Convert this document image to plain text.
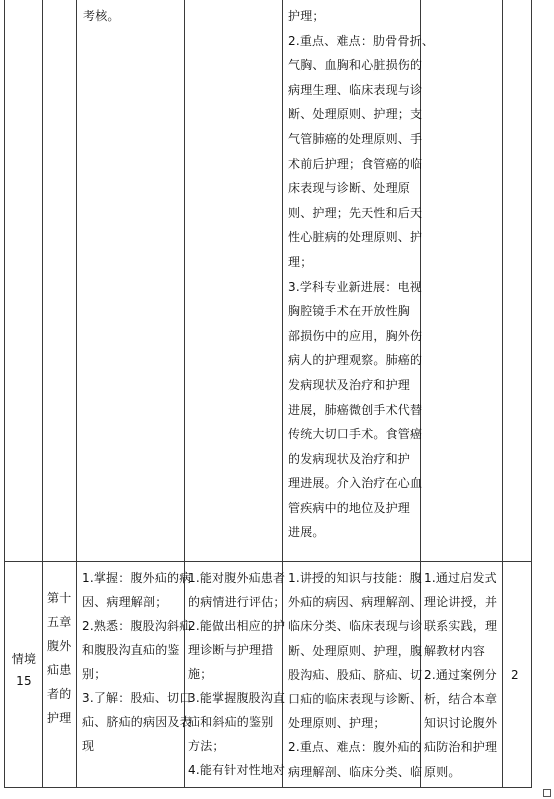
考核。	护理；
2.重点、难点：肋骨骨折、
气胸、血胸和心脏损伤的
病理生理、临床表现与诊
断、处理原则、护理；支
气管肺癌的处理原则、手
术前后护理；食管癌的临
床表现与诊断、处理原
则、护理；先天性和后天
性心脏病的处理原则、护
理；
3.学科专业新进展：电视
胸腔镜手术在开放性胸
部损伤中的应用，胸外伤
病人的护理观察。肺癌的
发病现状及治疗和护理
进展，肺癌微创手术代替
传统大切口手术。食管癌
的发病现状及治疗和护
理进展。介入治疗在心血
管疾病中的地位及护理
进展。
情境
15
第十
五章
腹外
疝患
者的
护理
1.掌握：腹外疝的病
因、病理解剖；
2.熟悉：腹股沟斜疝
和腹股沟直疝的鉴
别；
3.了解：股疝、切口
疝、脐疝的病因及表
现
1.能对腹外疝患者
的病情进行评估；
2.能做出相应的护
理诊断与护理措
施；
3.能掌握腹股沟直
疝和斜疝的鉴别
方法；
4.能有针对性地对
1.讲授的知识与技能：腹
外疝的病因、病理解剖、
临床分类、临床表现与诊
断、处理原则、护理，腹
股沟疝、股疝、脐疝、切
口疝的临床表现与诊断、
处理原则、护理；
2.重点、难点：腹外疝的
病理解剖、临床分类、临
1.通过启发式
理论讲授，并
联系实践，理
解教材内容
2.通过案例分
析，结合本章
知识讨论腹外
疝防治和护理
原则。
2
